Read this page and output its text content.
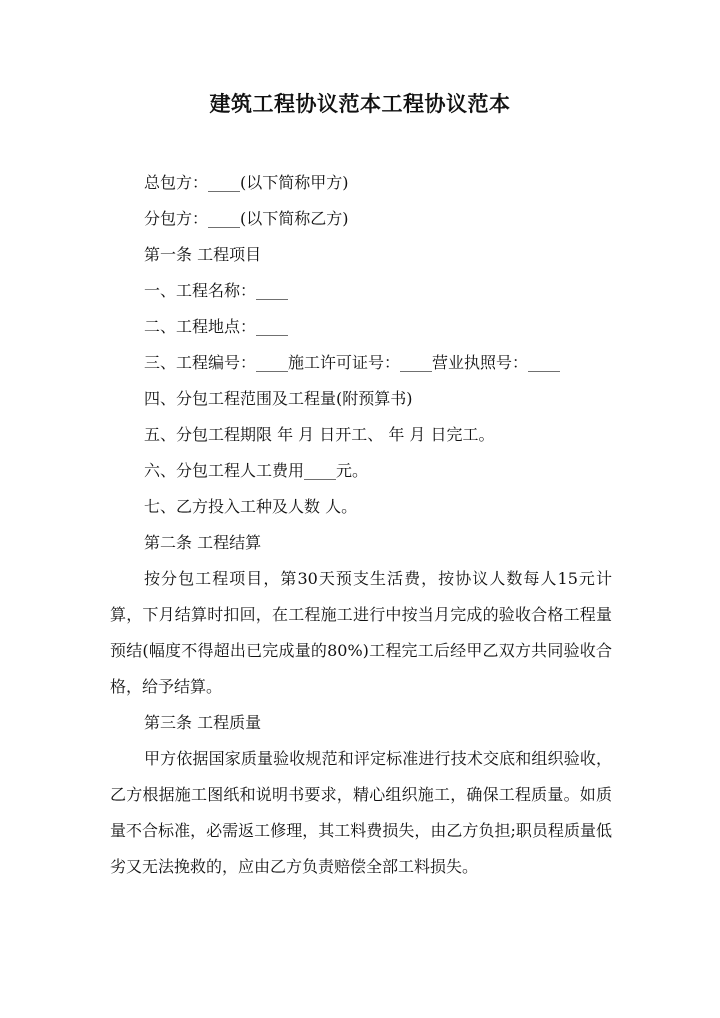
建筑工程协议范本工程协议范本

总包方：____(以下简称甲方)

分包方：____(以下简称乙方)

第一条 工程项目

一、工程名称：____

二、工程地点：____

三、工程编号：____施工许可证号：____营业执照号：____

四、分包工程范围及工程量(附预算书)

五、分包工程期限 年 月 日开工、 年 月 日完工。

六、分包工程人工费用____元。

七、乙方投入工种及人数 人。

第二条 工程结算

按分包工程项目，第30天预支生活费，按协议人数每人15元计算，下月结算时扣回，在工程施工进行中按当月完成的验收合格工程量预结(幅度不得超出已完成量的80%)工程完工后经甲乙双方共同验收合格，给予结算。

第三条 工程质量

甲方依据国家质量验收规范和评定标准进行技术交底和组织验收，乙方根据施工图纸和说明书要求，精心组织施工，确保工程质量。如质量不合标准，必需返工修理，其工料费损失，由乙方负担;职员程质量低劣又无法挽救的，应由乙方负责赔偿全部工料损失。
